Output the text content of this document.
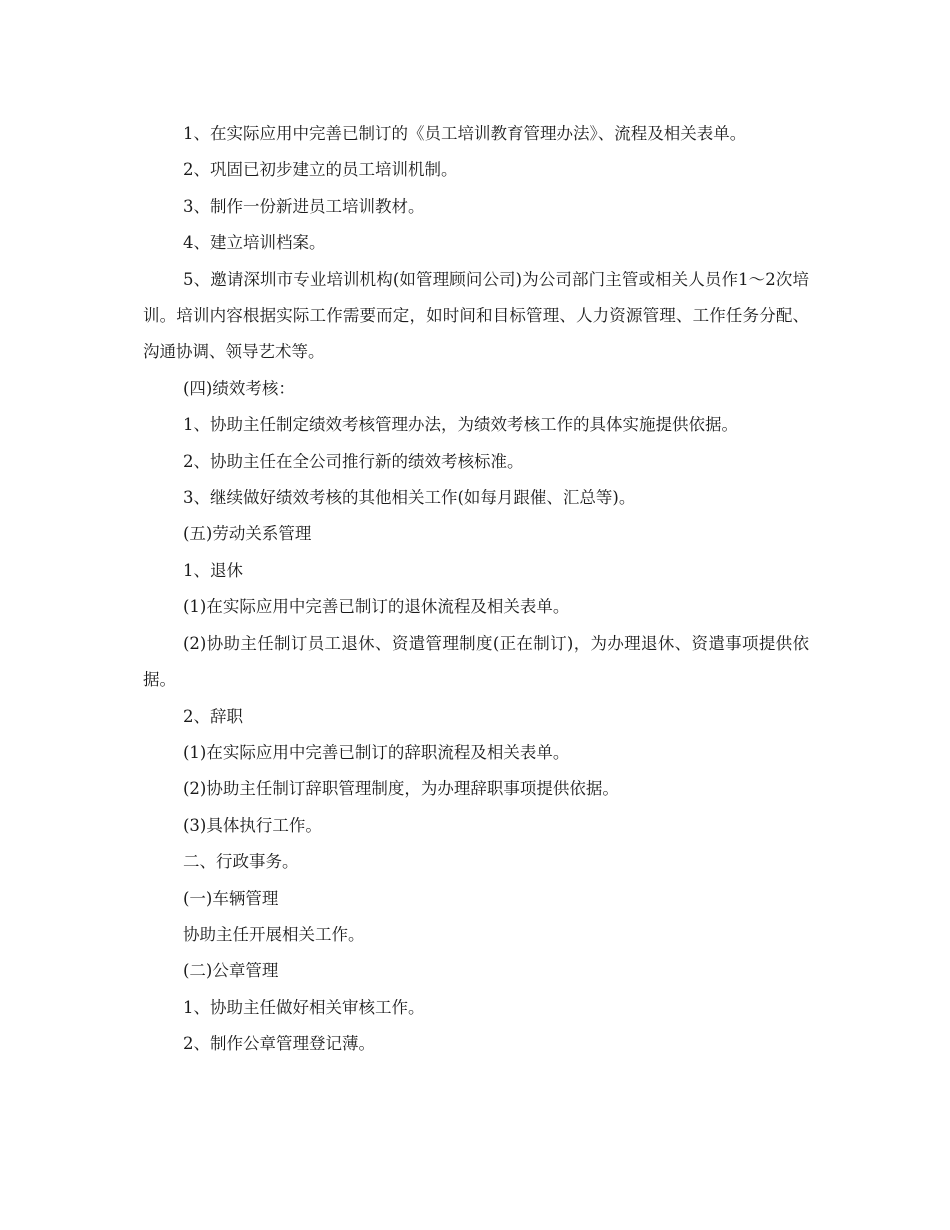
1、在实际应用中完善已制订的《员工培训教育管理办法》、流程及相关表单。

2、巩固已初步建立的员工培训机制。

3、制作一份新进员工培训教材。

4、建立培训档案。

5、邀请深圳市专业培训机构(如管理顾问公司)为公司部门主管或相关人员作1～2次培训。培训内容根据实际工作需要而定，如时间和目标管理、人力资源管理、工作任务分配、沟通协调、领导艺术等。

(四)绩效考核：

1、协助主任制定绩效考核管理办法，为绩效考核工作的具体实施提供依据。

2、协助主任在全公司推行新的绩效考核标准。

3、继续做好绩效考核的其他相关工作(如每月跟催、汇总等)。

(五)劳动关系管理

1、退休

(1)在实际应用中完善已制订的退休流程及相关表单。

(2)协助主任制订员工退休、资遣管理制度(正在制订)，为办理退休、资遣事项提供依据。

2、辞职

(1)在实际应用中完善已制订的辞职流程及相关表单。

(2)协助主任制订辞职管理制度，为办理辞职事项提供依据。

(3)具体执行工作。

二、行政事务。

(一)车辆管理

协助主任开展相关工作。

(二)公章管理

1、协助主任做好相关审核工作。

2、制作公章管理登记薄。
